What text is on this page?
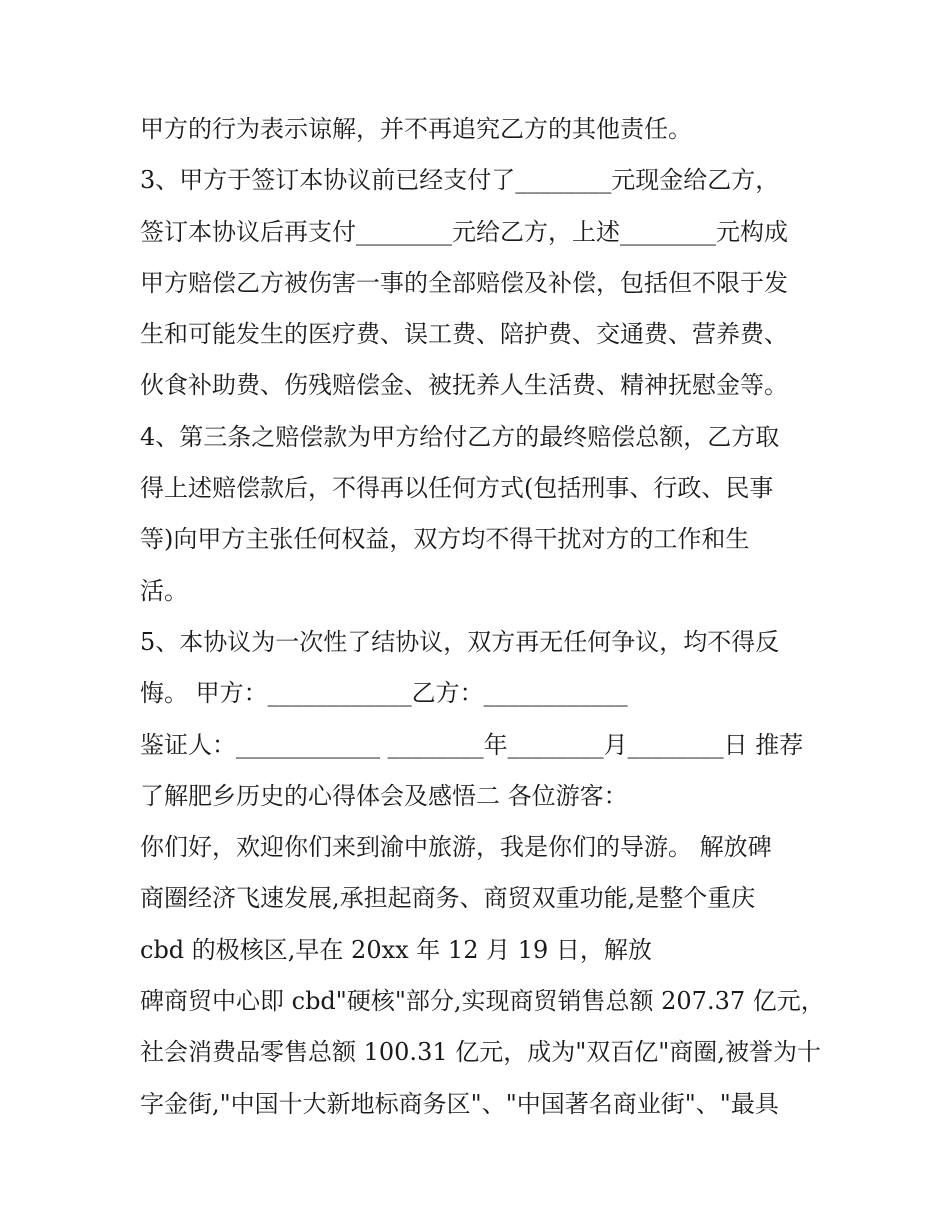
甲方的行为表示谅解，并不再追究乙方的其他责任。
3、甲方于签订本协议前已经支付了________元现金给乙方，
签订本协议后再支付________元给乙方，上述________元构成
甲方赔偿乙方被伤害一事的全部赔偿及补偿，包括但不限于发
生和可能发生的医疗费、误工费、陪护费、交通费、营养费、
伙食补助费、伤残赔偿金、被抚养人生活费、精神抚慰金等。
4、第三条之赔偿款为甲方给付乙方的最终赔偿总额，乙方取
得上述赔偿款后，不得再以任何方式(包括刑事、行政、民事
等)向甲方主张任何权益，双方均不得干扰对方的工作和生
活。
5、本协议为一次性了结协议，双方再无任何争议，均不得反
悔。 甲方：____________乙方：____________
鉴证人：____________ ________年________月________日 推荐
了解肥乡历史的心得体会及感悟二 各位游客：
你们好，欢迎你们来到渝中旅游，我是你们的导游。 解放碑
商圈经济飞速发展,承担起商务、商贸双重功能,是整个重庆
cbd 的极核区,早在 20xx 年 12 月 19 日，解放
碑商贸中心即 cbd"硬核"部分,实现商贸销售总额 207.37 亿元，
社会消费品零售总额 100.31 亿元，成为"双百亿"商圈,被誉为十
字金街,"中国十大新地标商务区"、"中国著名商业街"、"最具
